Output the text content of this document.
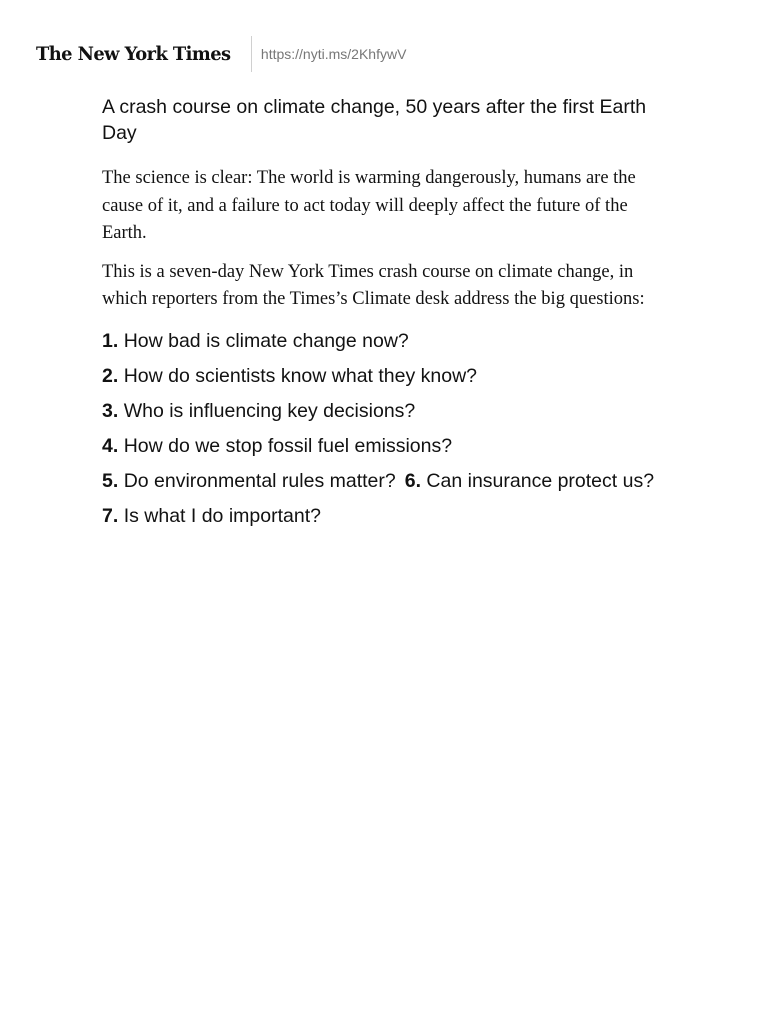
The New York Times https://nyti.ms/2KhfywV
A crash course on climate change, 50 years after the first Earth Day

The science is clear: The world is warming dangerously, humans are the cause of it, and a failure to act today will deeply affect the future of the Earth.

This is a seven-day New York Times crash course on climate change, in which reporters from the Times’s Climate desk address the big questions:

1. How bad is climate change now?
2. How do scientists know what they know?
3. Who is influencing key decisions?
4. How do we stop fossil fuel emissions?
5. Do environmental rules matter? 6. Can insurance protect us?
7. Is what I do important?
